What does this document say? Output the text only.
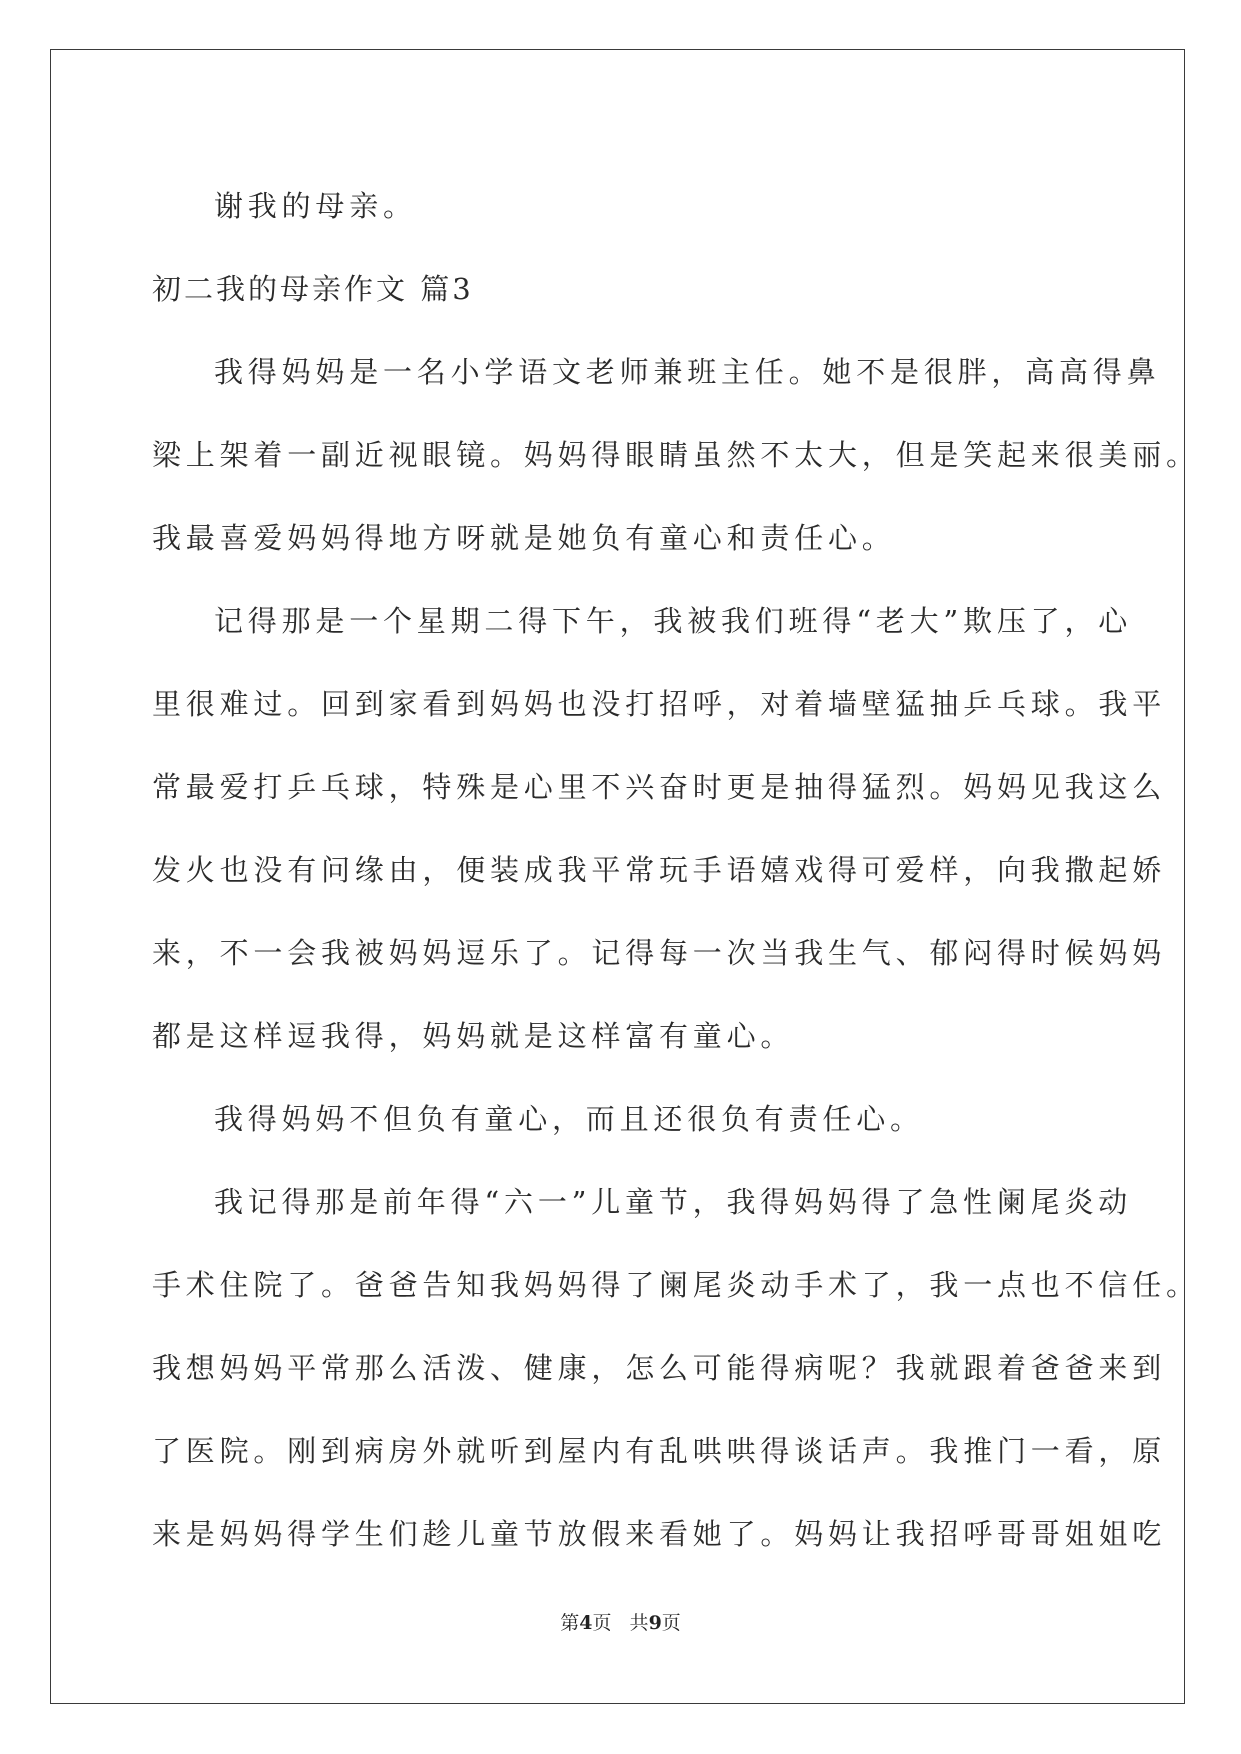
谢我的母亲。
初二我的母亲作文 篇3
我得妈妈是一名小学语文老师兼班主任。她不是很胖，高高得鼻
梁上架着一副近视眼镜。妈妈得眼睛虽然不太大，但是笑起来很美丽。
我最喜爱妈妈得地方呀就是她负有童心和责任心。
记得那是一个星期二得下午，我被我们班得“老大”欺压了，心
里很难过。回到家看到妈妈也没打招呼，对着墙壁猛抽乒乓球。我平
常最爱打乒乓球，特殊是心里不兴奋时更是抽得猛烈。妈妈见我这么
发火也没有问缘由，便装成我平常玩手语嬉戏得可爱样，向我撒起娇
来，不一会我被妈妈逗乐了。记得每一次当我生气、郁闷得时候妈妈
都是这样逗我得，妈妈就是这样富有童心。
我得妈妈不但负有童心，而且还很负有责任心。
我记得那是前年得“六一”儿童节，我得妈妈得了急性阑尾炎动
手术住院了。爸爸告知我妈妈得了阑尾炎动手术了，我一点也不信任。
我想妈妈平常那么活泼、健康，怎么可能得病呢？我就跟着爸爸来到
了医院。刚到病房外就听到屋内有乱哄哄得谈话声。我推门一看，原
来是妈妈得学生们趁儿童节放假来看她了。妈妈让我招呼哥哥姐姐吃
第4页   共9页
